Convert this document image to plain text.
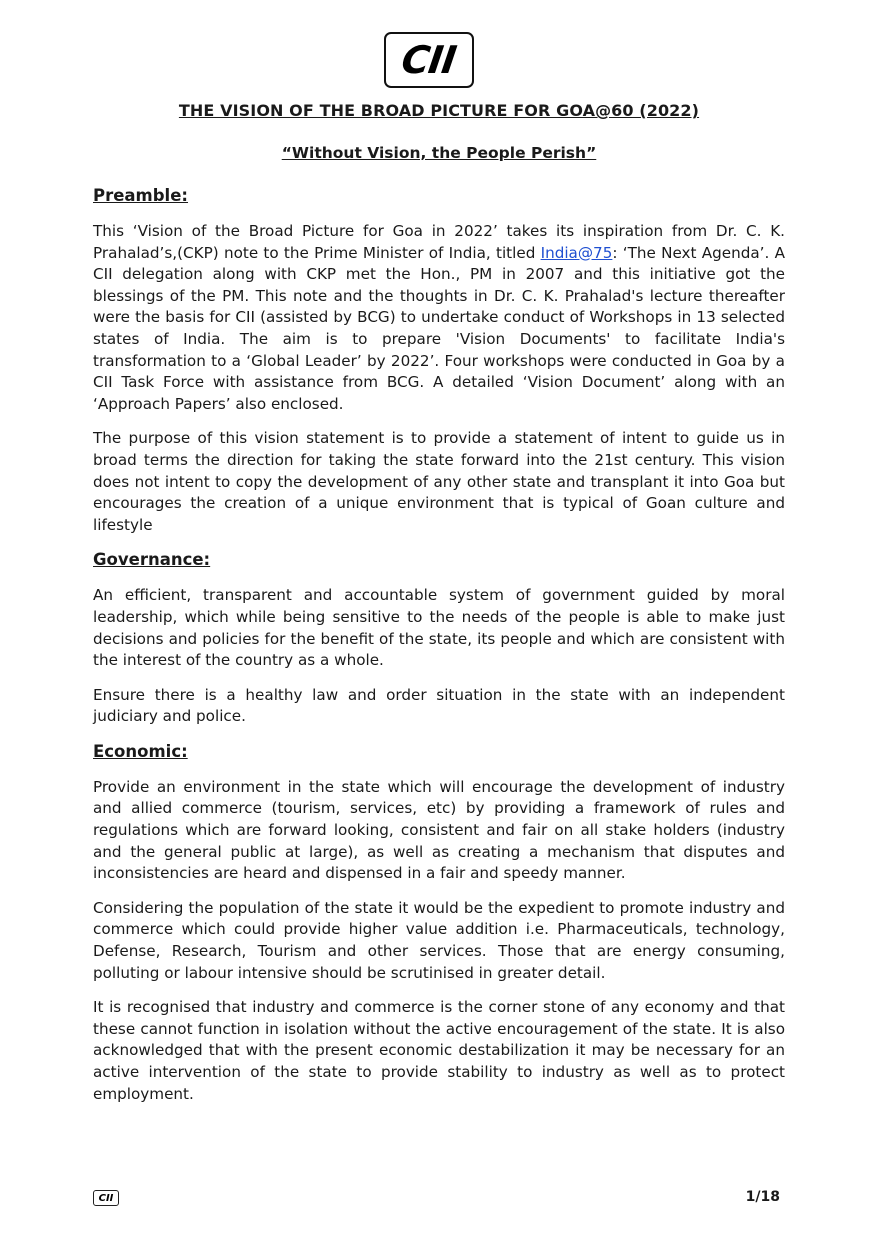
CII
THE VISION OF THE BROAD PICTURE FOR GOA@60 (2022)
“Without Vision, the People Perish”
Preamble:

This ‘Vision of the Broad Picture for Goa in 2022’ takes its inspiration from Dr. C. K. Prahalad’s,(CKP) note to the Prime Minister of India, titled India@75: ‘The Next Agenda’. A CII delegation along with CKP met the Hon., PM in 2007 and this initiative got the blessings of the PM. This note and the thoughts in Dr. C. K. Prahalad's lecture thereafter were the basis for CII (assisted by BCG) to undertake conduct of Workshops in 13 selected states of India. The aim is to prepare 'Vision Documents' to facilitate India's transformation to a ‘Global Leader’ by 2022’. Four workshops were conducted in Goa by a CII Task Force with assistance from BCG. A detailed ‘Vision Document’ along with an ‘Approach Papers’ also enclosed.

The purpose of this vision statement is to provide a statement of intent to guide us in broad terms the direction for taking the state forward into the 21st century. This vision does not intent to copy the development of any other state and transplant it into Goa but encourages the creation of a unique environment that is typical of Goan culture and lifestyle

Governance:

An efficient, transparent and accountable system of government guided by moral leadership, which while being sensitive to the needs of the people is able to make just decisions and policies for the benefit of the state, its people and which are consistent with the interest of the country as a whole.

Ensure there is a healthy law and order situation in the state with an independent judiciary and police.

Economic:

Provide an environment in the state which will encourage the development of industry and allied commerce (tourism, services, etc) by providing a framework of rules and regulations which are forward looking, consistent and fair on all stake holders (industry and the general public at large), as well as creating a mechanism that disputes and inconsistencies are heard and dispensed in a fair and speedy manner.

Considering the population of the state it would be the expedient to promote industry and commerce which could provide higher value addition i.e. Pharmaceuticals, technology, Defense, Research, Tourism and other services. Those that are energy consuming, polluting or labour intensive should be scrutinised in greater detail.

It is recognised that industry and commerce is the corner stone of any economy and that these cannot function in isolation without the active encouragement of the state. It is also acknowledged that with the present economic destabilization it may be necessary for an active intervention of the state to provide stability to industry as well as to protect employment.

CII	1/18
